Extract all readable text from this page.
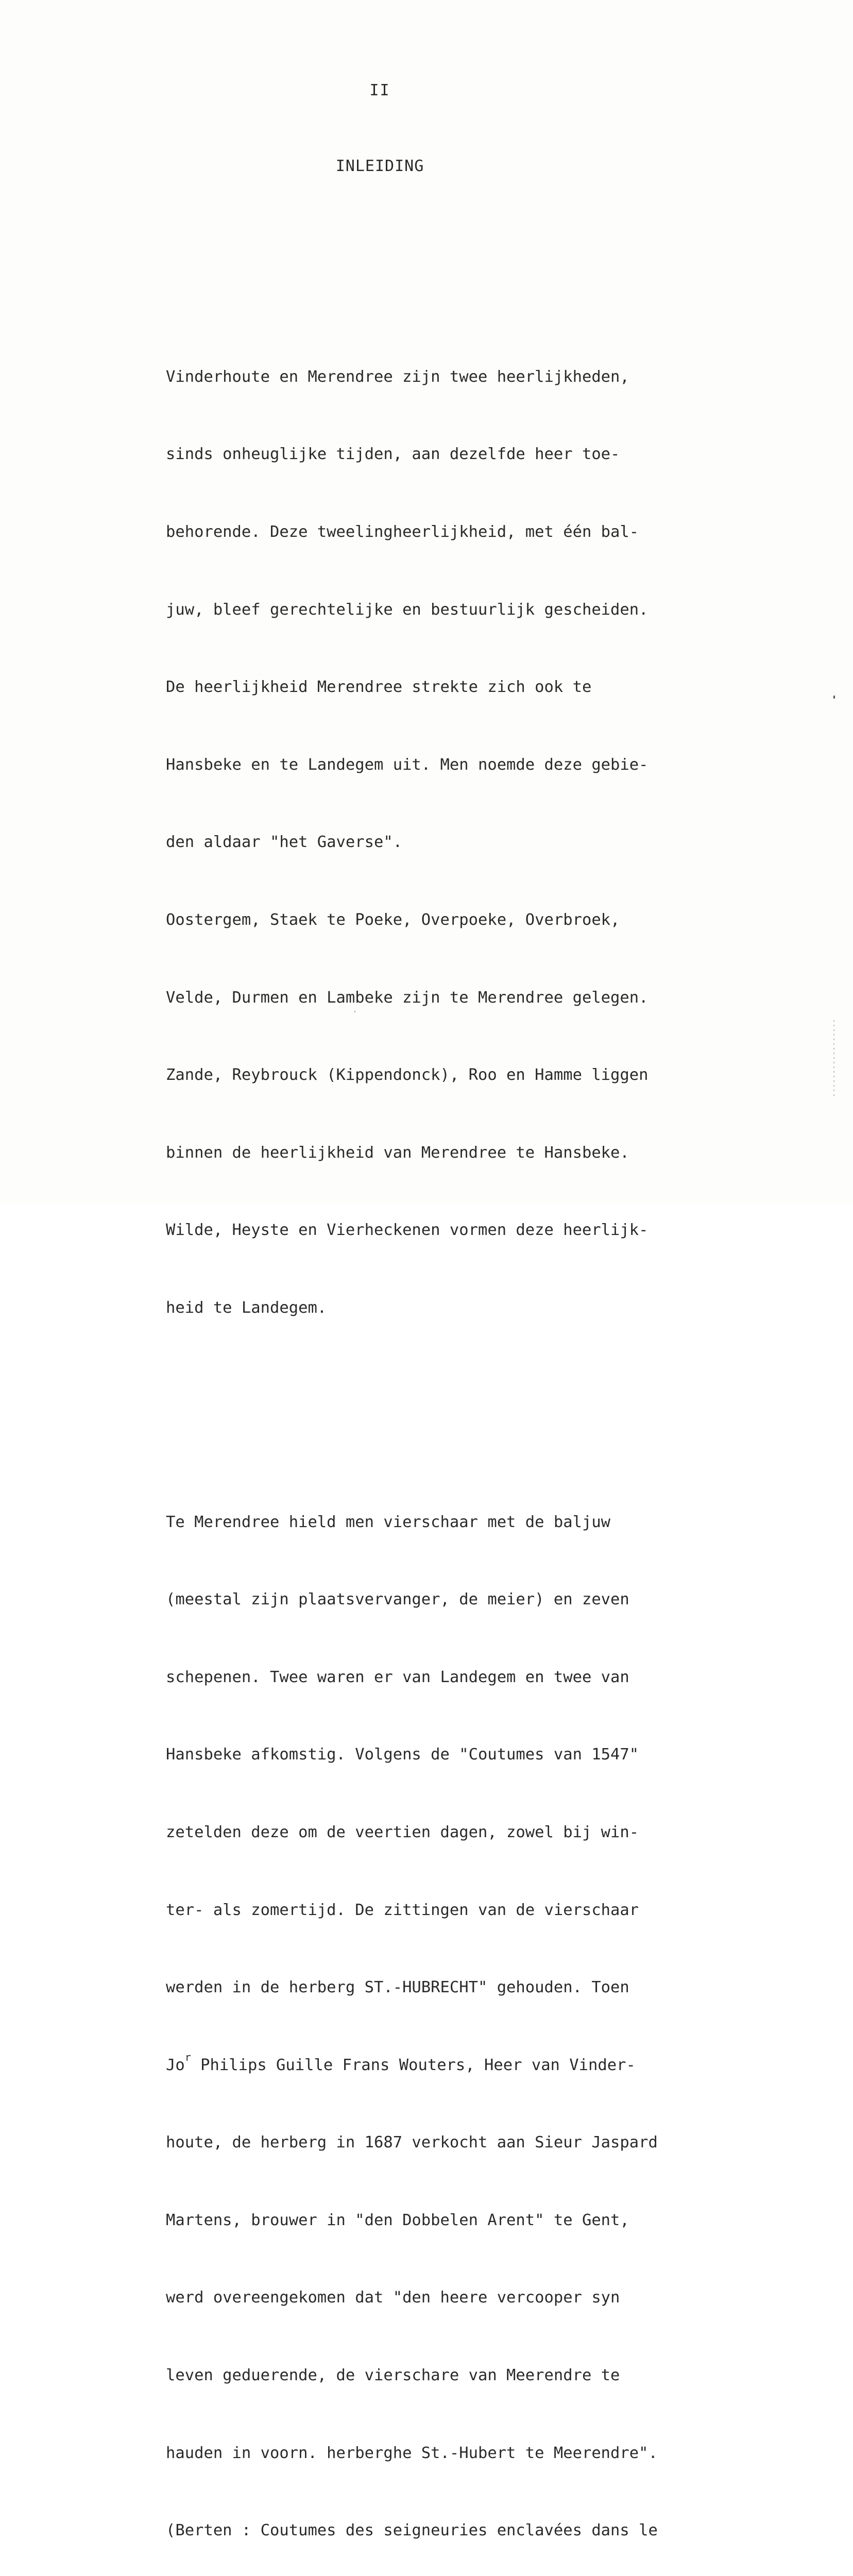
II
INLEIDING

Vinderhoute en Merendree zijn twee heerlijkheden,

sinds onheuglijke tijden, aan dezelfde heer toe-

behorende. Deze tweelingheerlijkheid, met één bal-

juw, bleef gerechtelijke en bestuurlijk gescheiden.

De heerlijkheid Merendree strekte zich ook te

Hansbeke en te Landegem uit. Men noemde deze gebie-

den aldaar "het Gaverse".

Oostergem, Staek te Poeke, Overpoeke, Overbroek,

Velde, Durmen en Lambeke zijn te Merendree gelegen.

Zande, Reybrouck (Kippendonck), Roo en Hamme liggen

binnen de heerlijkheid van Merendree te Hansbeke.

Wilde, Heyste en Vierheckenen vormen deze heerlijk-

heid te Landegem.

Te Merendree hield men vierschaar met de baljuw

(meestal zijn plaatsvervanger, de meier) en zeven

schepenen. Twee waren er van Landegem en twee van

Hansbeke afkomstig. Volgens de "Coutumes van 1547"

zetelden deze om de veertien dagen, zowel bij win-

ter- als zomertijd. De zittingen van de vierschaar

werden in de herberg ST.-HUBRECHT" gehouden. Toen

Jo$^r$ Philips Guille Frans Wouters, Heer van Vinder-

houte, de herberg in 1687 verkocht aan Sieur Jaspard

Martens, brouwer in "den Dobbelen Arent" te Gent,

werd overeengekomen dat "den heere vercooper syn

leven geduerende, de vierschare van Meerendre te

hauden in voorn. herberghe St.-Hubert te Meerendre".

(Berten : Coutumes des seigneuries enclavées dans le
